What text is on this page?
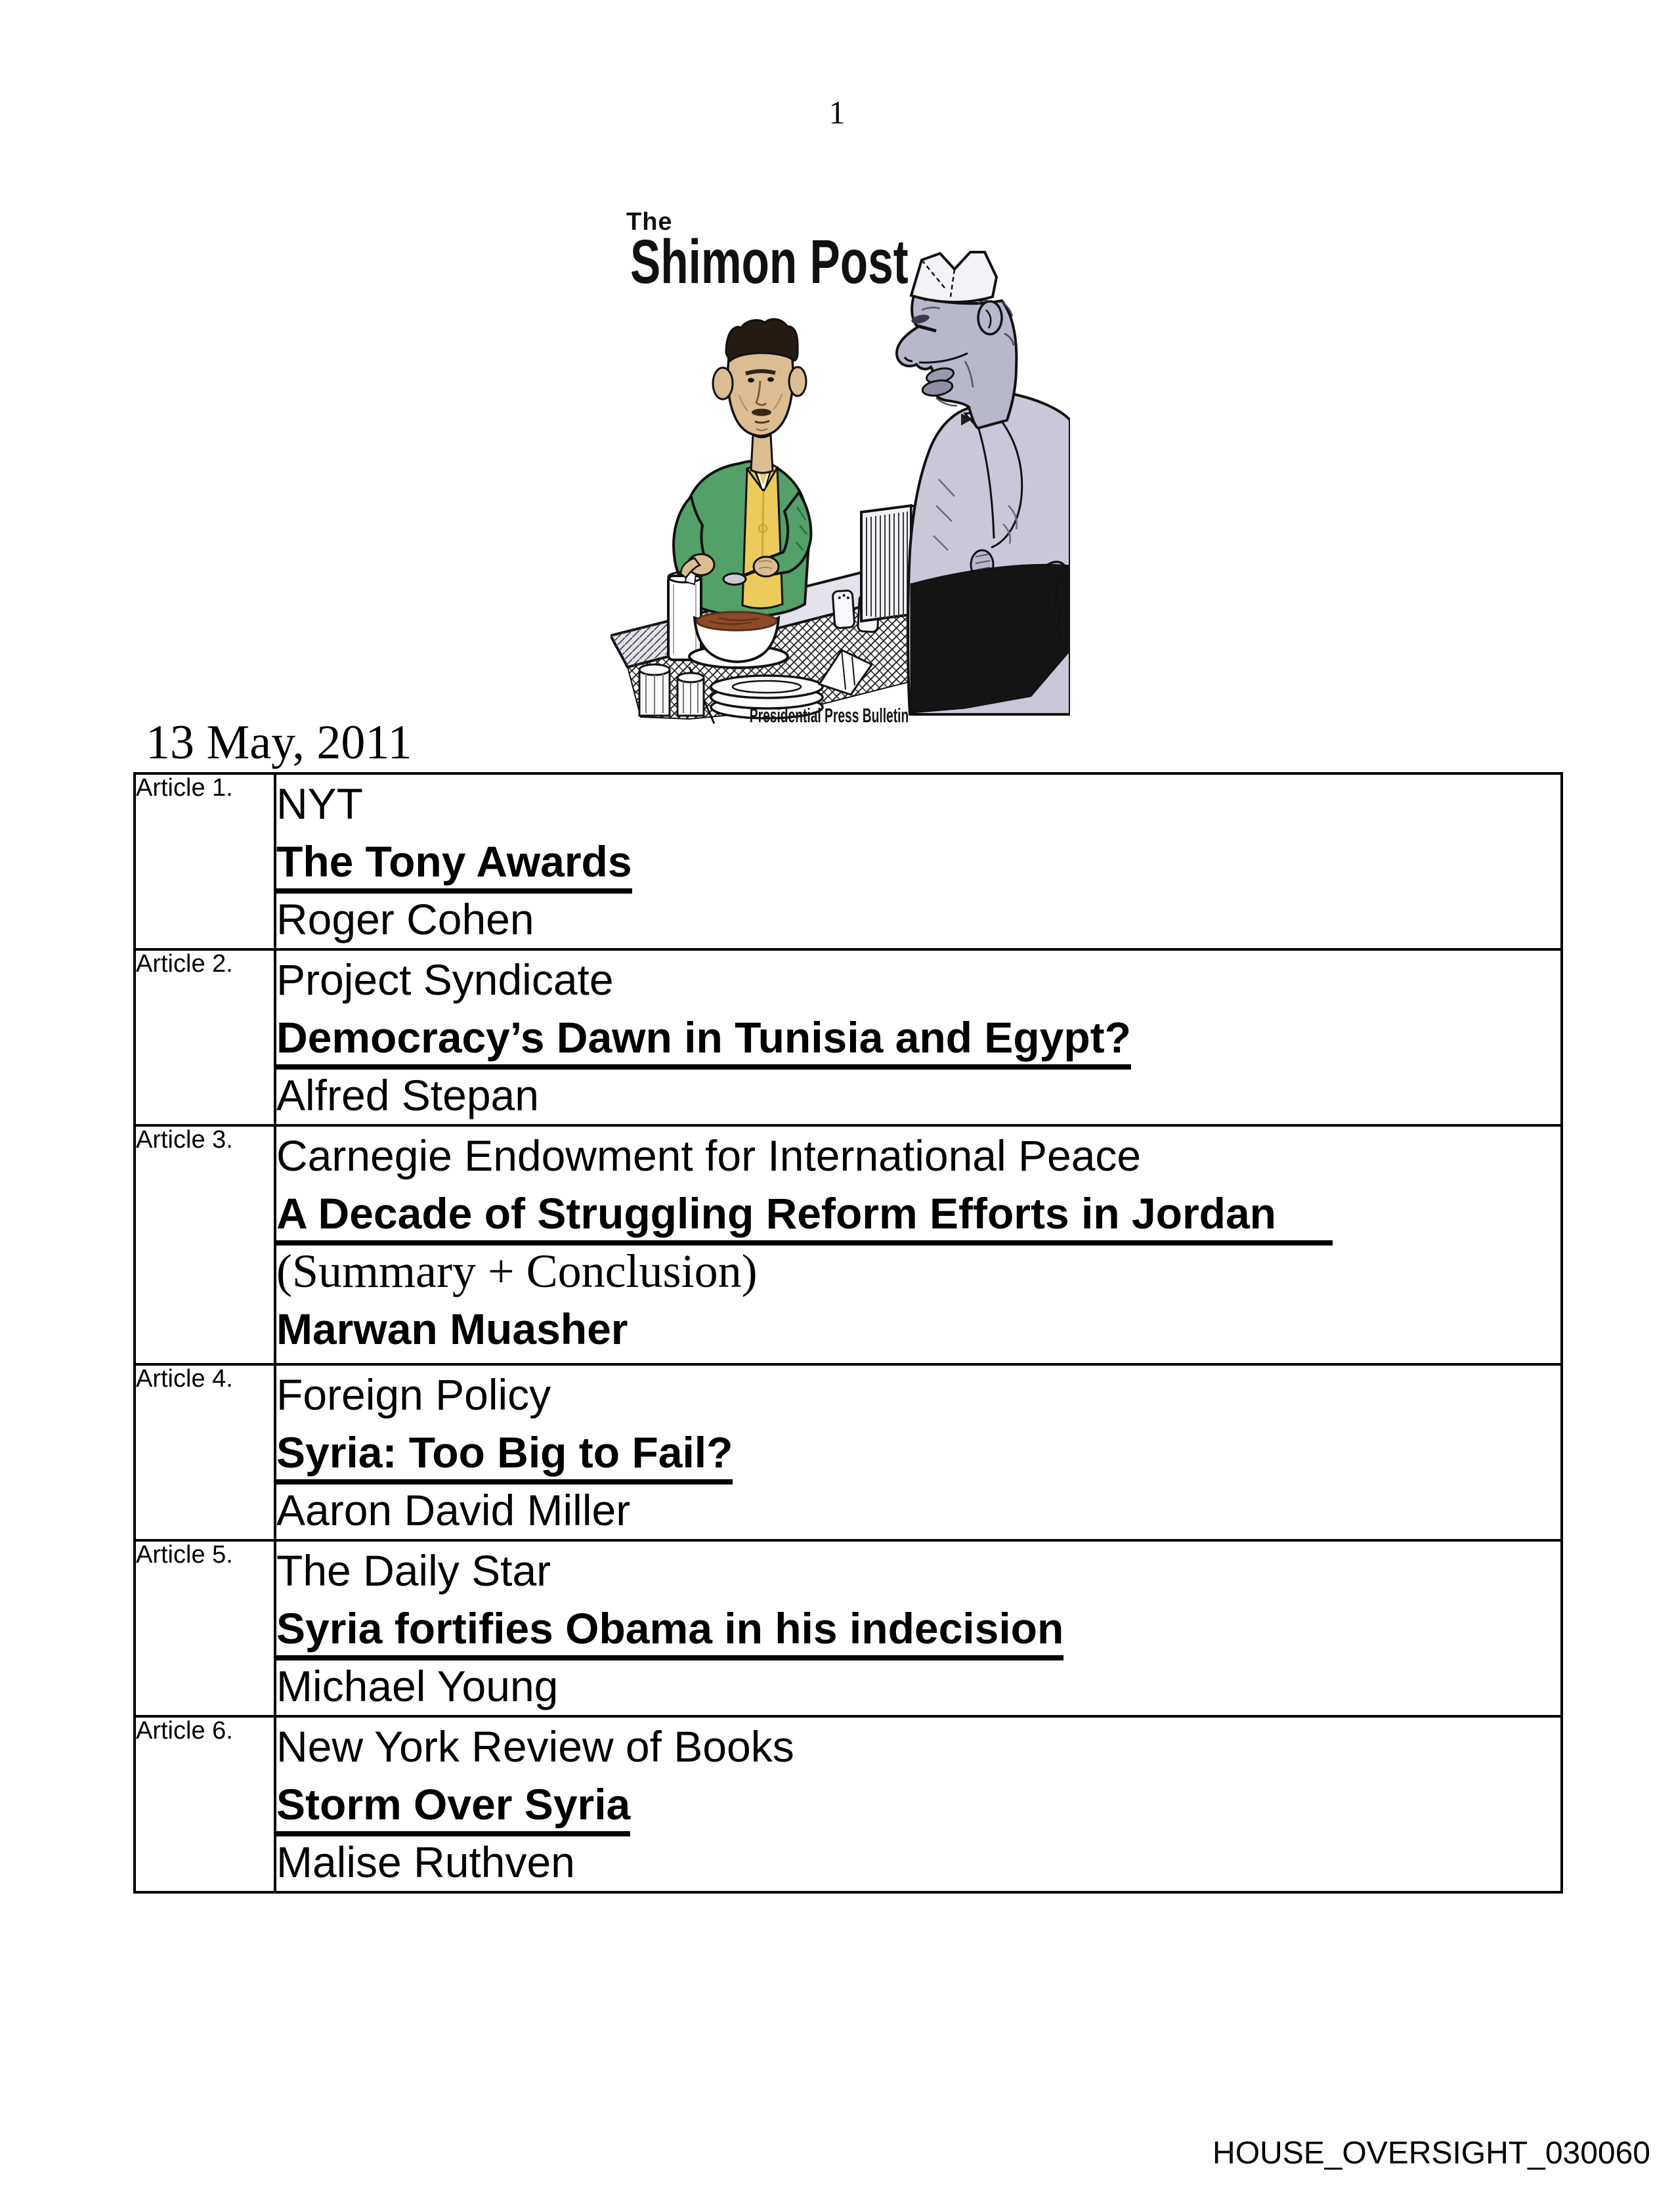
1
The
Shimon Post
Presidential Press Bulletin
13 May, 2011
Article 1.	NYT
The Tony Awards
Roger Cohen

Article 2.	Project Syndicate
Democracy’s Dawn in Tunisia and Egypt?
Alfred Stepan

Article 3.	Carnegie Endowment for International Peace
A Decade of Struggling Reform Efforts in Jordan
(Summary + Conclusion)
Marwan Muasher

Article 4.	Foreign Policy
Syria: Too Big to Fail?
Aaron David Miller

Article 5.	The Daily Star
Syria fortifies Obama in his indecision
Michael Young

Article 6.	New York Review of Books
Storm Over Syria
Malise Ruthven
HOUSE_OVERSIGHT_030060
